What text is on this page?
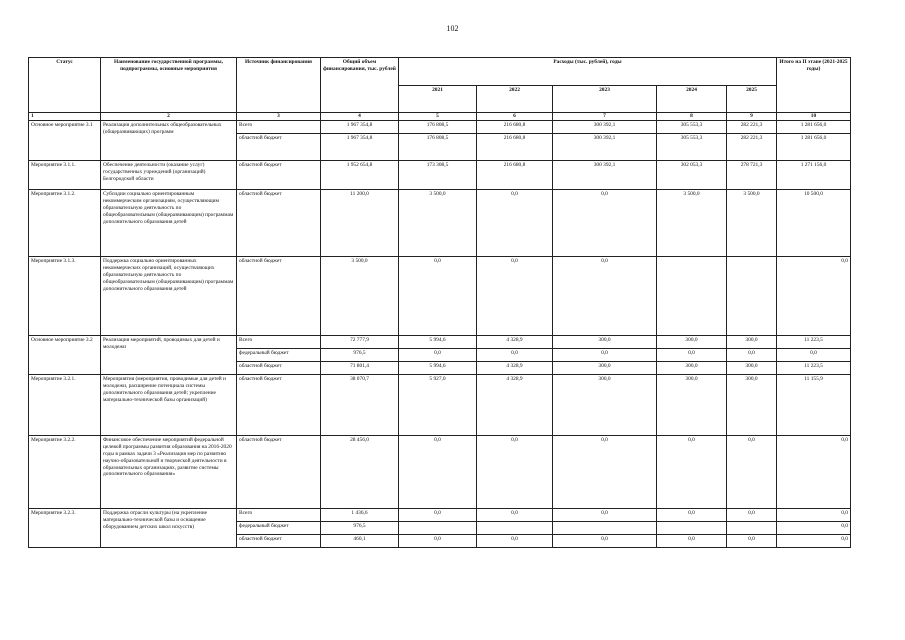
102
Статус	Наименование государственной программы, подпрограммы, основные мероприятия	Источник финансирования	Общий объем финансирования, тыс. рублей	Расходы (тыс. рублей), годы					Итого на II этапе (2021-2025 годы)
				2021	2022	2023	2024	2025	
1	2	3	4	5	6	7	8	9	10
Основное мероприятие 3.1	Реализация дополнительных общеобразовательных (общеразвивающих) программ	Всего	1 967 354,8	176 808,5	216 680,8	300 392,1	305 553,3	282 221,3	1 281 656,0
		областной бюджет	1 967 354,8	176 808,5	216 680,8	300 392,1	305 553,3	282 221,3	1 281 656,0
Мероприятие 3.1.1.	Обеспечение деятельности (оказание услуг) государственных учреждений (организаций) Белгородской области	областной бюджет	1 952 654,8	173 308,5	216 680,8	300 392,1	302 053,3	278 721,3	1 271 156,0
Мероприятие 3.1.2.	Субсидии социально ориентированным некоммерческим организациям, осуществляющим образовательную деятельность по общеобразовательным (общеразвивающим) программам дополнительного образования детей	областной бюджет	11 200,0	3 500,0	0,0	0,0	3 500,0	3 500,0	10 500,0
Мероприятие 3.1.3.	Поддержка социально ориентированных некоммерческих организаций, осуществляющих образовательную деятельность по общеобразовательным (общеразвивающим) программам дополнительного образования детей	областной бюджет	3 500,0	0,0	0,0	0,0			0,0
Основное мероприятие 3.2	Реализация мероприятий, проводимых для детей и молодежи	Всего	72 777,9	5 994,6	4 328,9	300,0	300,0	300,0	11 223,5
		федеральный бюджет	976,5	0,0	0,0	0,0	0,0	0,0	0,0
		областной бюджет	71 801,4	5 994,6	4 328,9	300,0	300,0	300,0	11 223,5
Мероприятие 3.2.1.	Мероприятия (мероприятия, проводимые для детей и молодежи, расширение потенциала системы дополнительного образования детей; укрепление материально-технической базы организаций)	областной бюджет	38 070,7	5 927,0	4 328,9	300,0	300,0	300,0	11 155,9
Мероприятие 3.2.2.	Финансовое обеспечение мероприятий федеральной целевой программы развития образования на 2016-2020 годы в рамках задачи 3 «Реализация мер по развитию научно-образовательной и творческой деятельности в образовательных организациях, развитие системы дополнительного образования»	областной бюджет	28 456,0	0,0	0,0	0,0	0,0	0,0	0,0
Мероприятие 3.2.3.	Поддержка отрасли культуры (на укрепление материально-технической базы и оснащение оборудованием детских школ искусств)	Всего	1 436,6	0,0	0,0	0,0	0,0	0,0	0,0
		федеральный бюджет	976,5						0,0
		областной бюджет	460,1	0,0	0,0	0,0	0,0	0,0	0,0
